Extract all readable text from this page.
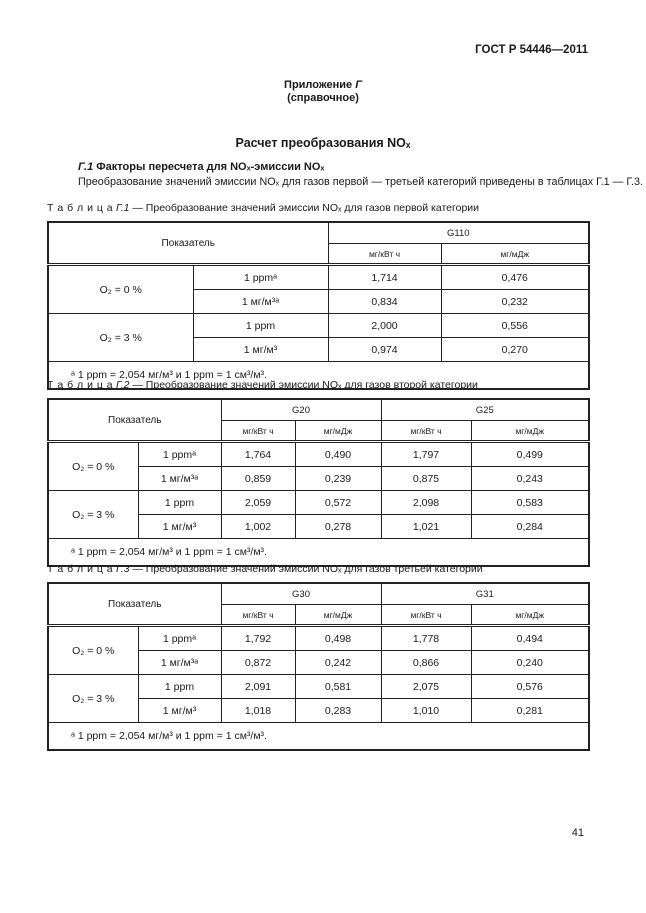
ГОСТ Р 54446—2011
Приложение Г
(справочное)
Расчет преобразования NOₓ
Г.1 Факторы пересчета для NOₓ-эмиссии NOₓ
Преобразование значений эмиссии NOₓ для газов первой — третьей категорий приведены в таблицах Г.1 — Г.3.
Т а б л и ц а Г.1 — Преобразование значений эмиссии NOₓ для газов первой категории
Показатель		G110	
		мг/кВт ч	мг/мДж
O₂ = 0 %	1 ppmᵃ	1,714	0,476
	1 мг/м³ᵃ	0,834	0,232
O₂ = 3 %	1 ppm	2,000	0,556
	1 мг/м³	0,974	0,270
ᵃ 1 ppm = 2,054 мг/м³ и 1 ppm = 1 см³/м³.			
Т а б л и ц а Г.2 — Преобразование значений эмиссии NOₓ для газов второй категории
Показатель		G20		G25	
		мг/кВт ч	мг/мДж	мг/кВт ч	мг/мДж
O₂ = 0 %	1 ppmᵃ	1,764	0,490	1,797	0,499
	1 мг/м³ᵃ	0,859	0,239	0,875	0,243
O₂ = 3 %	1 ppm	2,059	0,572	2,098	0,583
	1 мг/м³	1,002	0,278	1,021	0,284
ᵃ 1 ppm = 2,054 мг/м³ и 1 ppm = 1 см³/м³.					
Т а б л и ц а Г.3 — Преобразование значений эмиссии NOₓ для газов третьей категории
Показатель		G30		G31	
		мг/кВт ч	мг/мДж	мг/кВт ч	мг/мДж
O₂ = 0 %	1 ppmᵃ	1,792	0,498	1,778	0,494
	1 мг/м³ᵃ	0,872	0,242	0,866	0,240
O₂ = 3 %	1 ppm	2,091	0,581	2,075	0,576
	1 мг/м³	1,018	0,283	1,010	0,281
ᵃ 1 ppm = 2,054 мг/м³ и 1 ppm = 1 см³/м³.					
41
